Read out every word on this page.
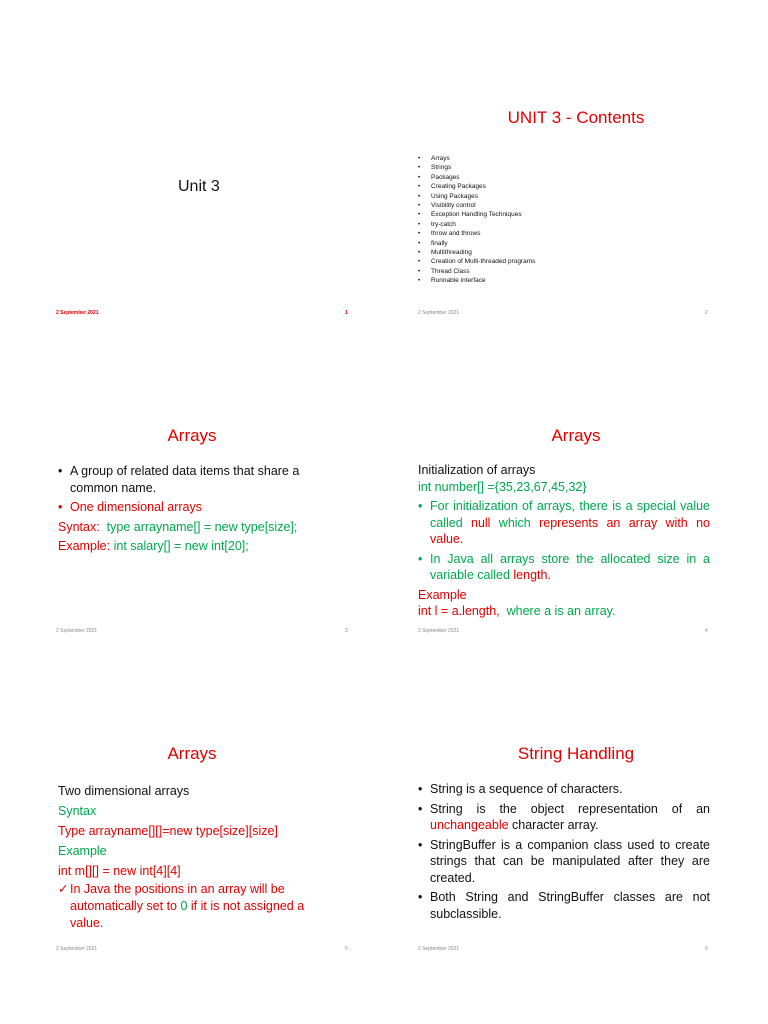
Unit 3
2 September 2021	1
UNIT 3 - Contents
• Arrays
• Strings
• Packages
• Creating Packages
• Using Packages
• Visibility control
• Exception Handling Techniques
• try-catch
• throw and throws
• finally
• Multithreading
• Creation of Multi-threaded programs
• Thread Class
• Runnable interface
2 September 2021	2
Arrays
• A group of related data items that share a common name.
• One dimensional arrays
Syntax: type arrayname[] = new type[size];
Example: int salary[] = new int[20];
2 September 2021	3
Arrays
Initialization of arrays
int number[] ={35,23,67,45,32}
• For initialization of arrays, there is a special value called null which represents an array with no value.
• In Java all arrays store the allocated size in a variable called length.
Example
int l = a.length, where a is an array.
2 September 2021	4
Arrays
Two dimensional arrays
Syntax
Type arrayname[][]=new type[size][size]
Example
int m[][] = new int[4][4]
✓ In Java the positions in an array will be automatically set to 0 if it is not assigned a value.
2 September 2021	5
String Handling
• String is a sequence of characters.
• String is the object representation of an unchangeable character array.
• StringBuffer is a companion class used to create strings that can be manipulated after they are created.
• Both String and StringBuffer classes are not subclassible.
2 September 2021	6
